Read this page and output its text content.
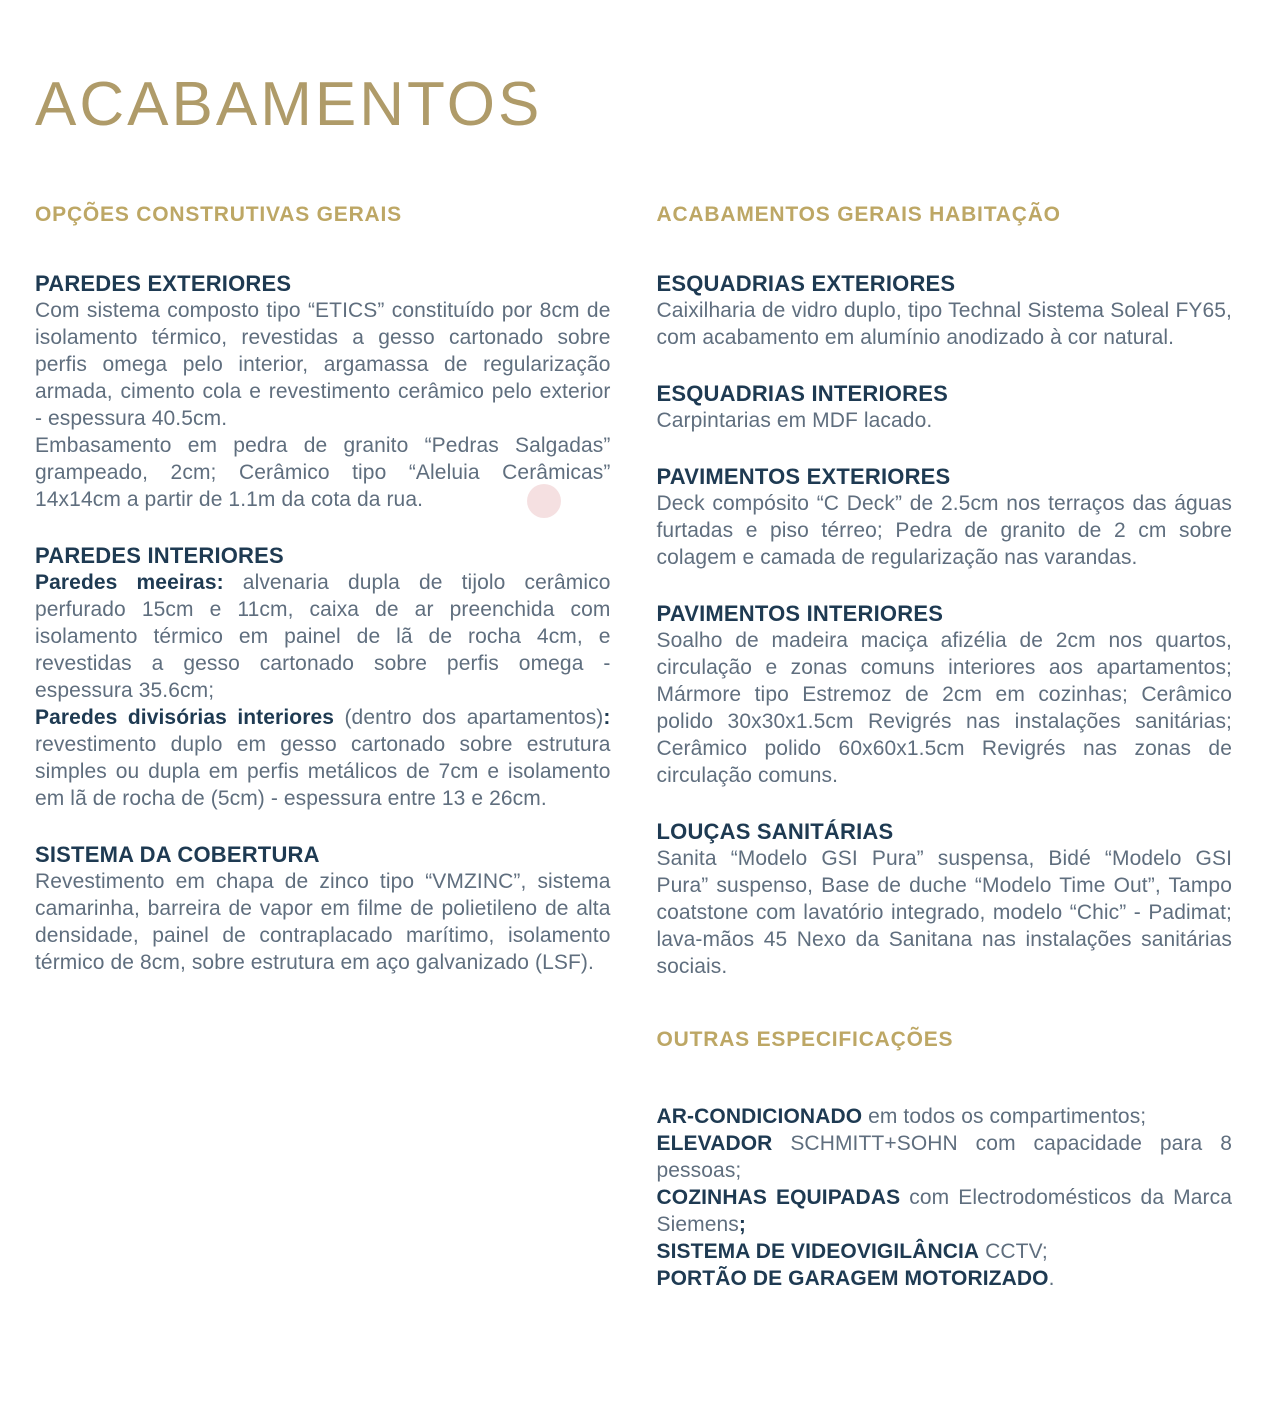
ACABAMENTOS
OPÇÕES CONSTRUTIVAS GERAIS
PAREDES EXTERIORES

Com sistema composto tipo “ETICS” constituído por 8cm de isolamento térmico, revestidas a gesso cartonado sobre perfis omega pelo interior, argamassa de regularização armada, cimento cola e revestimento cerâmico pelo exterior - espessura 40.5cm.

Embasamento em pedra de granito “Pedras Salgadas” grampeado, 2cm; Cerâmico tipo “Aleluia Cerâmicas” 14x14cm a partir de 1.1m da cota da rua.

PAREDES INTERIORES

Paredes meeiras: alvenaria dupla de tijolo cerâmico perfurado 15cm e 11cm, caixa de ar preenchida com isolamento térmico em painel de lã de rocha 4cm, e revestidas a gesso cartonado sobre perfis omega - espessura 35.6cm;

Paredes divisórias interiores (dentro dos apartamentos): revestimento duplo em gesso cartonado sobre estrutura simples ou dupla em perfis metálicos de 7cm e isolamento em lã de rocha de (5cm) - espessura entre 13 e 26cm.

SISTEMA DA COBERTURA

Revestimento em chapa de zinco tipo “VMZINC”, sistema camarinha, barreira de vapor em filme de polietileno de alta densidade, painel de contraplacado marítimo, isolamento térmico de 8cm, sobre estrutura em aço galvanizado (LSF).

ACABAMENTOS GERAIS HABITAÇÃO
ESQUADRIAS EXTERIORES

Caixilharia de vidro duplo, tipo Technal Sistema Soleal FY65, com acabamento em alumínio anodizado à cor natural.

ESQUADRIAS INTERIORES

Carpintarias em MDF lacado.

PAVIMENTOS EXTERIORES

Deck compósito “C Deck” de 2.5cm nos terraços das águas furtadas e piso térreo; Pedra de granito de 2 cm sobre colagem e camada de regularização nas varandas.

PAVIMENTOS INTERIORES

Soalho de madeira maciça afizélia de 2cm nos quartos, circulação e zonas comuns interiores aos apartamentos; Mármore tipo Estremoz de 2cm em cozinhas; Cerâmico polido 30x30x1.5cm Revigrés nas instalações sanitárias; Cerâmico polido 60x60x1.5cm Revigrés nas zonas de circulação comuns.

LOUÇAS SANITÁRIAS

Sanita “Modelo GSI Pura” suspensa, Bidé “Modelo GSI Pura” suspenso, Base de duche “Modelo Time Out”, Tampo coatstone com lavatório integrado, modelo “Chic” - Padimat; lava-mãos 45 Nexo da Sanitana nas instalações sanitárias sociais.

OUTRAS ESPECIFICAÇÕES

AR-CONDICIONADO em todos os compartimentos;

ELEVADOR SCHMITT+SOHN com capacidade para 8 pessoas;

COZINHAS EQUIPADAS com Electrodomésticos da Marca Siemens;

SISTEMA DE VIDEOVIGILÂNCIA CCTV;

PORTÃO DE GARAGEM MOTORIZADO.
